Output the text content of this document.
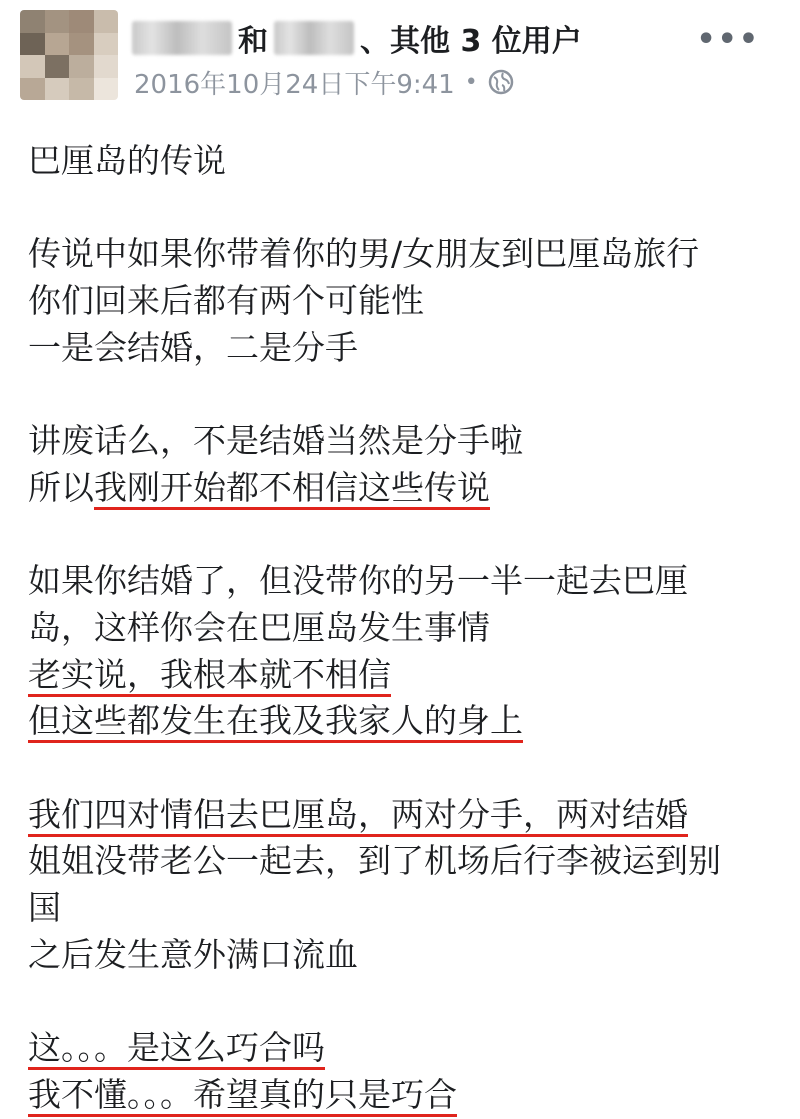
和	、其他 3 位用户	•••
2016年10月24日下午9:41 •
巴厘岛的传说
传说中如果你带着你的男/女朋友到巴厘岛旅行
你们回来后都有两个可能性
一是会结婚，二是分手
讲废话么，不是结婚当然是分手啦
所以我刚开始都不相信这些传说
如果你结婚了，但没带你的另一半一起去巴厘
岛，这样你会在巴厘岛发生事情
老实说，我根本就不相信
但这些都发生在我及我家人的身上
我们四对情侣去巴厘岛，两对分手，两对结婚
姐姐没带老公一起去，到了机场后行李被运到别
国
之后发生意外满口流血
这。。。是这么巧合吗
我不懂。。。希望真的只是巧合
